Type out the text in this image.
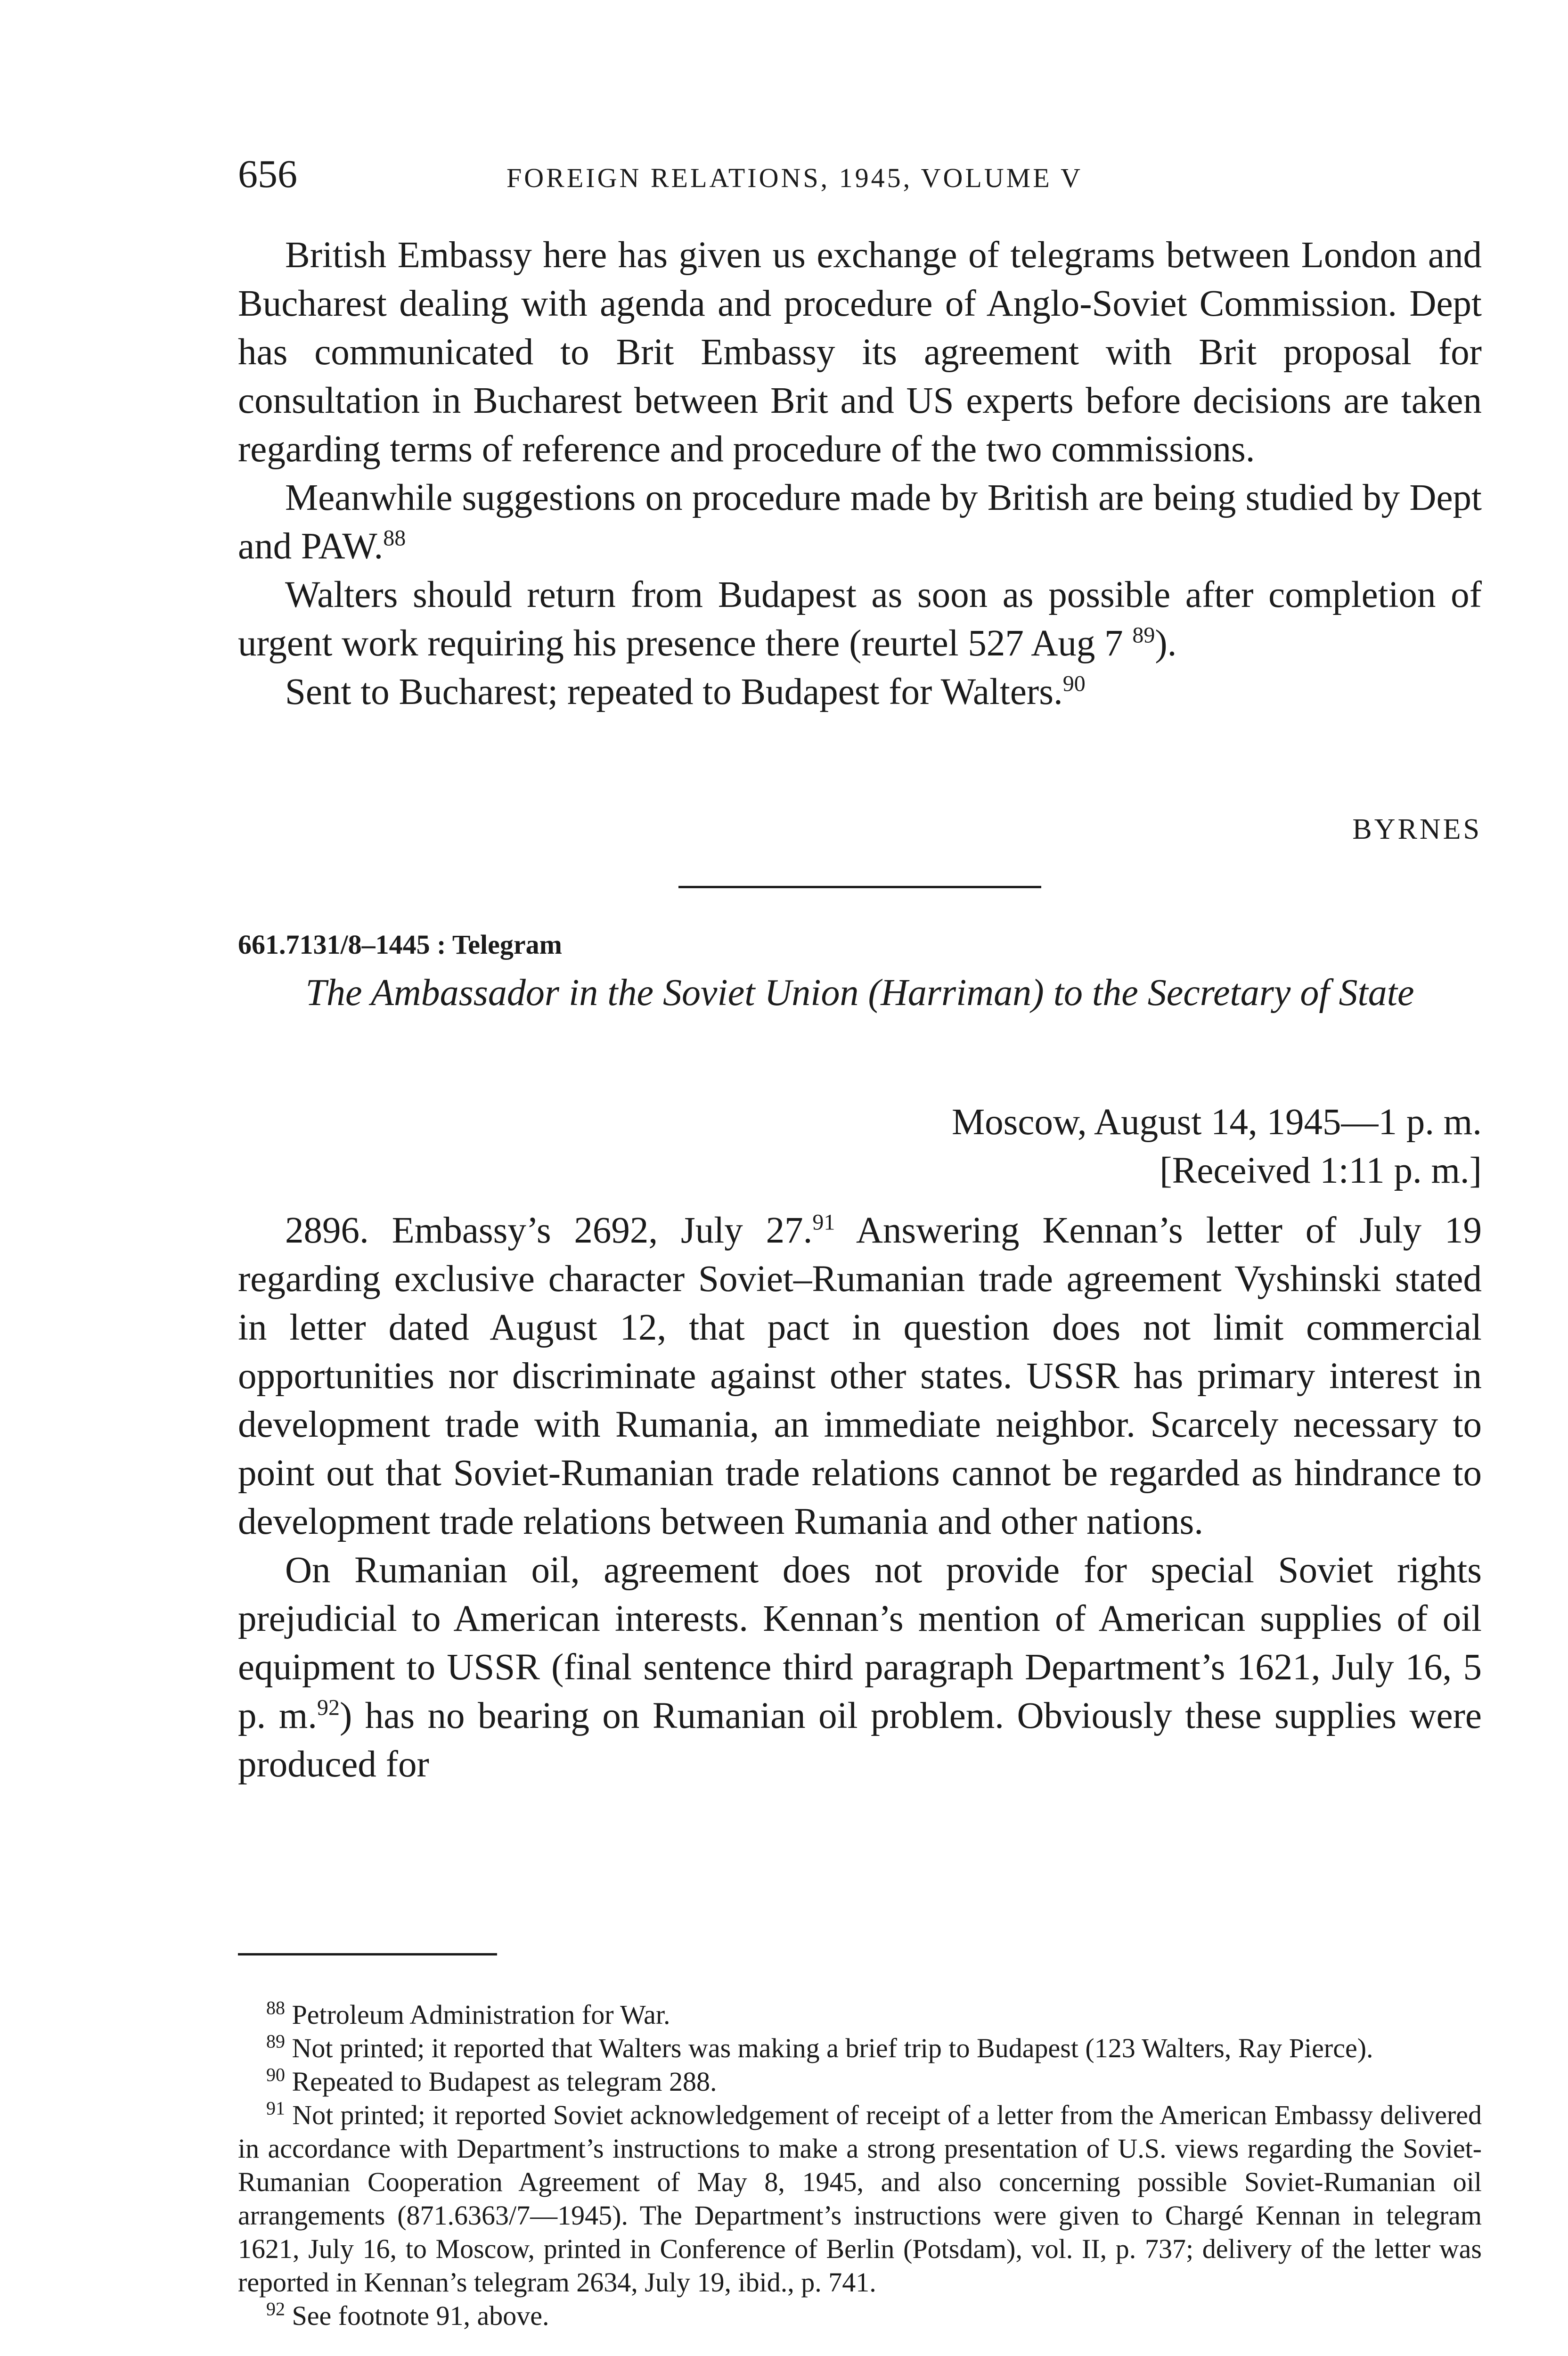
656	FOREIGN RELATIONS, 1945, VOLUME V

British Embassy here has given us exchange of telegrams between London and Bucharest dealing with agenda and procedure of Anglo-Soviet Commission. Dept has communicated to Brit Embassy its agreement with Brit proposal for consultation in Bucharest between Brit and US experts before decisions are taken regarding terms of reference and procedure of the two commissions.

Meanwhile suggestions on procedure made by British are being studied by Dept and PAW.$^{88}$

Walters should return from Budapest as soon as possible after completion of urgent work requiring his presence there (reurtel 527 Aug 7 $^{89}$).

Sent to Bucharest; repeated to Budapest for Walters.$^{90}$

BYRNES
661.7131/8–1445 : Telegram
The Ambassador in the Soviet Union (Harriman) to the Secretary of State
Moscow, August 14, 1945—1 p. m.
[Received 1:11 p. m.]

2896. Embassy’s 2692, July 27.91 Answering Kennan’s letter of July 19 regarding exclusive character Soviet–Rumanian trade agreement Vyshinski stated in letter dated August 12, that pact in question does not limit commercial opportunities nor discriminate against other states. USSR has primary interest in development trade with Rumania, an immediate neighbor. Scarcely necessary to point out that Soviet-Rumanian trade relations cannot be regarded as hindrance to development trade relations between Rumania and other nations.

On Rumanian oil, agreement does not provide for special Soviet rights prejudicial to American interests. Kennan’s mention of American supplies of oil equipment to USSR (final sentence third paragraph Department’s 1621, July 16, 5 p. m.$^{92}$) has no bearing on Rumanian oil problem. Obviously these supplies were produced for

$^{88}$ Petroleum Administration for War.

$^{89}$ Not printed; it reported that Walters was making a brief trip to Budapest (123 Walters, Ray Pierce).

$^{90}$ Repeated to Budapest as telegram 288.

$^{91}$ Not printed; it reported Soviet acknowledgement of receipt of a letter from the American Embassy delivered in accordance with Department’s instructions to make a strong presentation of U.S. views regarding the Soviet-Rumanian Cooperation Agreement of May 8, 1945, and also concerning possible Soviet-Rumanian oil arrangements (871.6363/7—1945). The Department’s instructions were given to Chargé Kennan in telegram 1621, July 16, to Moscow, printed in Conference of Berlin (Potsdam), vol. II, p. 737; delivery of the letter was reported in Kennan’s telegram 2634, July 19, ibid., p. 741.

$^{92}$ See footnote 91, above.
